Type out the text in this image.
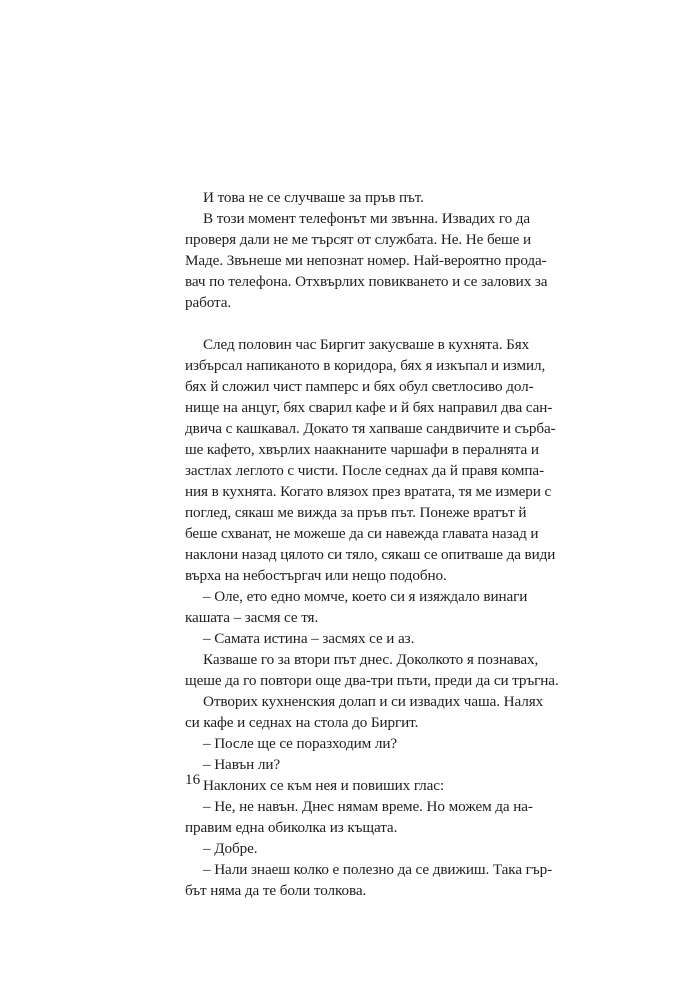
И това не се случваше за пръв път.
В този момент телефонът ми звънна. Извадих го да
проверя дали не ме търсят от службата. Не. Не беше и
Маде. Звънеше ми непознат номер. Най-вероятно прода-
вач по телефона. Отхвърлих повикването и се залових за
работа.
След половин час Биргит закусваше в кухнята. Бях
избърсал напиканото в коридора, бях я изкъпал и измил,
бях й сложил чист памперс и бях обул светлосиво дол-
нище на анцуг, бях сварил кафе и й бях направил два сан-
двича с кашкавал. Докато тя хапваше сандвичите и сърба-
ше кафето, хвърлих наакнаните чаршафи в пералнята и
застлах леглото с чисти. После седнах да й правя компа-
ния в кухнята. Когато влязох през вратата, тя ме измери с
поглед, сякаш ме вижда за пръв път. Понеже вратът й
беше схванат, не можеше да си навежда главата назад и
наклони назад цялото си тяло, сякаш се опитваше да види
върха на небостъргач или нещо подобно.
– Оле, ето едно момче, което си я изяждало винаги
кашата – засмя се тя.
– Самата истина – засмях се и аз.
Казваше го за втори път днес. Доколкото я познавах,
щеше да го повтори още два-три пъти, преди да си тръгна.
Отворих кухненския долап и си извадих чаша. Налях
си кафе и седнах на стола до Биргит.
– После ще се поразходим ли?
– Навън ли?
Наклоних се към нея и повиших глас:
– Не, не навън. Днес нямам време. Но можем да на-
правим една обиколка из къщата.
– Добре.
– Нали знаеш колко е полезно да се движиш. Така гър-
бът няма да те боли толкова.
16
